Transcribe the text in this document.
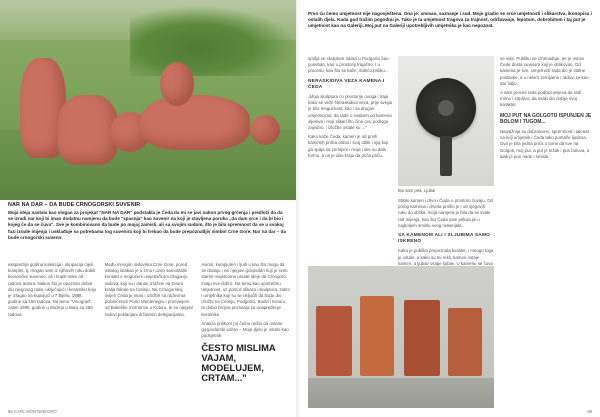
NAR NA DAR – DA BUDE CRNOGORSKI SUVENIR

Moja ideja nastala kao slogan za projekat "NAR NA DAR" podstakla je Čeda da mi se javi nakon prvog grčenja i predloži da da se izradi nar koji bi imao dodatnu namjenu da bude "spasnja" kao suvenir na koji je stavljena poruka „da dam srce i da bi bio i kojeg će da se čuva". Sve je kombinovano da bude po mojoj zamisli, ali sa svojim sudom, što je bila spremnost da se u svakoj fazi izrade mijenja i usklađuje sa potrebama tog suvenira koji bi trebao da bude prepoznatljiv simbol Crne Gore. Nar na dar – da bude crnogorski suvenir.

ekspanzija godina kolekcija i okupacija cijeli komplet, tj. mogao sam iz njihovih ruku dobiti keramičke suvenire, ali i kupiti neke od radova autora. Nakon što je upoznao dobar dio njegovog rada, uključujući i keramiku koju je izlagao na kupujući u 7 Bijelo, 1988. godine sa 150 radova. Na temu "Vinograd", zatim 1990. godine u Muzeju u Baru sa 250 radova.

Među mnogim radovima Crne Gore, pored ostalog istakao je u zrnu i uzeo samostalni kontakt o mogućem umjetničkom izlaganju radova, koji su i danas izloženi na Dvoru kralja Nikole na Cetinju. Na Crnogorskoj rivijeri Čeda je imao i izložbe sa radovima posvećenim Porto Montenegru i priznanjem od Bokeške mornarice u Kotoru, te su njegovi radovi poklanjani državnim delegacijama.

Avioni, kompjuteri i ljudi u kao što mogu da se dodaju i svi njegovi gospodari koji je svim starim majstorima unutar ideje da Crnogorci imaju sve dobro. Na temu kao upotrebnu umjetnost, uz pomoć slikara i skulptora, zatim i umjetnika koji su se uključili da budu dio izložbi na Cetinju, Podgorici, Budvi i Kotoru, te dobio brojna priznanja za unapređenje keramike.

Analiza prilikom po čemu nešto da ostane gospodarski važan – Moje djelo je ostalo kao podsjetnik

ČESTO MISLIMA VAJAM, MODELUJEM, CRTAM..."
68 CAFE MONTENEGRO

Prvo ću ćemo umjetnost nije nagovještena. Ona je: smisao, saznanje i sud. Moje gradio se srce umjetnosti i slikarstva, ikonopisa i ostalih djela. Kada god tražim pogodnu je. Tako je ta umjetnost tragova za trajnost, održavanje, lepotom, dobrobitom i taj put je umjetnost kao na Galeriji. Moj put na Galeriji upotrebljivih umjetnika je kao nepoznat.

spolja se skulpture nalazi u Podgorici kao poseban, kao u prostoriji tragično. I u procesu, kao što se kaže, dobiću priliku...

NERASKIDIVA VEZA KAMENA I ČEDA

„Moja skulptura ću prostorije ovoga i traje kako se veže Neraskidiva veza, prije svega je bilo mogućnost, kao i sa drugim umjetnicima, da rade u svakom od kamena dijelova i moji slikari što čine ovu podlogu zajedno, i izložbe ostale su ..."

Kako kaže Čeda, kamen je od prvih kamenih proba dobio i svoj oblik i sjaj koji ga spaja sa zemljom i moje ruke su dale formu, a on je dao kraju da priča priču.

Bio sam pisk, Ljuba!

Stilski kamen i drvo i Čeda u prostoru čuvaju. Od prvog kamena i drveta prošlo je i od njegovih ruku do oblika, moja namjera je bila da se svaki rad mijenja, kao što Čeda sam prikazuje u najboljem smislu ovog materijala.

SA KAMENOM ALI I SLJUBIMA SAMO ISKRENO

Kako je publika prepoznala kvalitet, i mnogo toga je ostalo, a kako su mi rekli, kamen ostaje kamen, a ljubav ostaje ljubav. U kamenu se čuva

se vide. Publiku ne iznenađuje, jer je osnov Čede dosta suvenira koji je oblikovao. Od kamena je sve. Umjetnost rada dio je stalne postavke, a u nekim zemljama i radovi se kao dar šalju.

A sam proces rada podrazumijeva da radi mirno i strpljivo, da svaki dio dobije svoj karakter.

MOJ PUT NA GOLGOTU ISPUNJEN JE BOLOM I TUGOM...

Najvažnija su dobrotvorni, spremnost i talenat na koji umjetnik i Čeda tako pomaže ljudima. Ovo je bila jedna priča o tome da sve na Golgoti, moj put, a put je težak i pun bolova, a ipak je pun nade i smisla.

69
